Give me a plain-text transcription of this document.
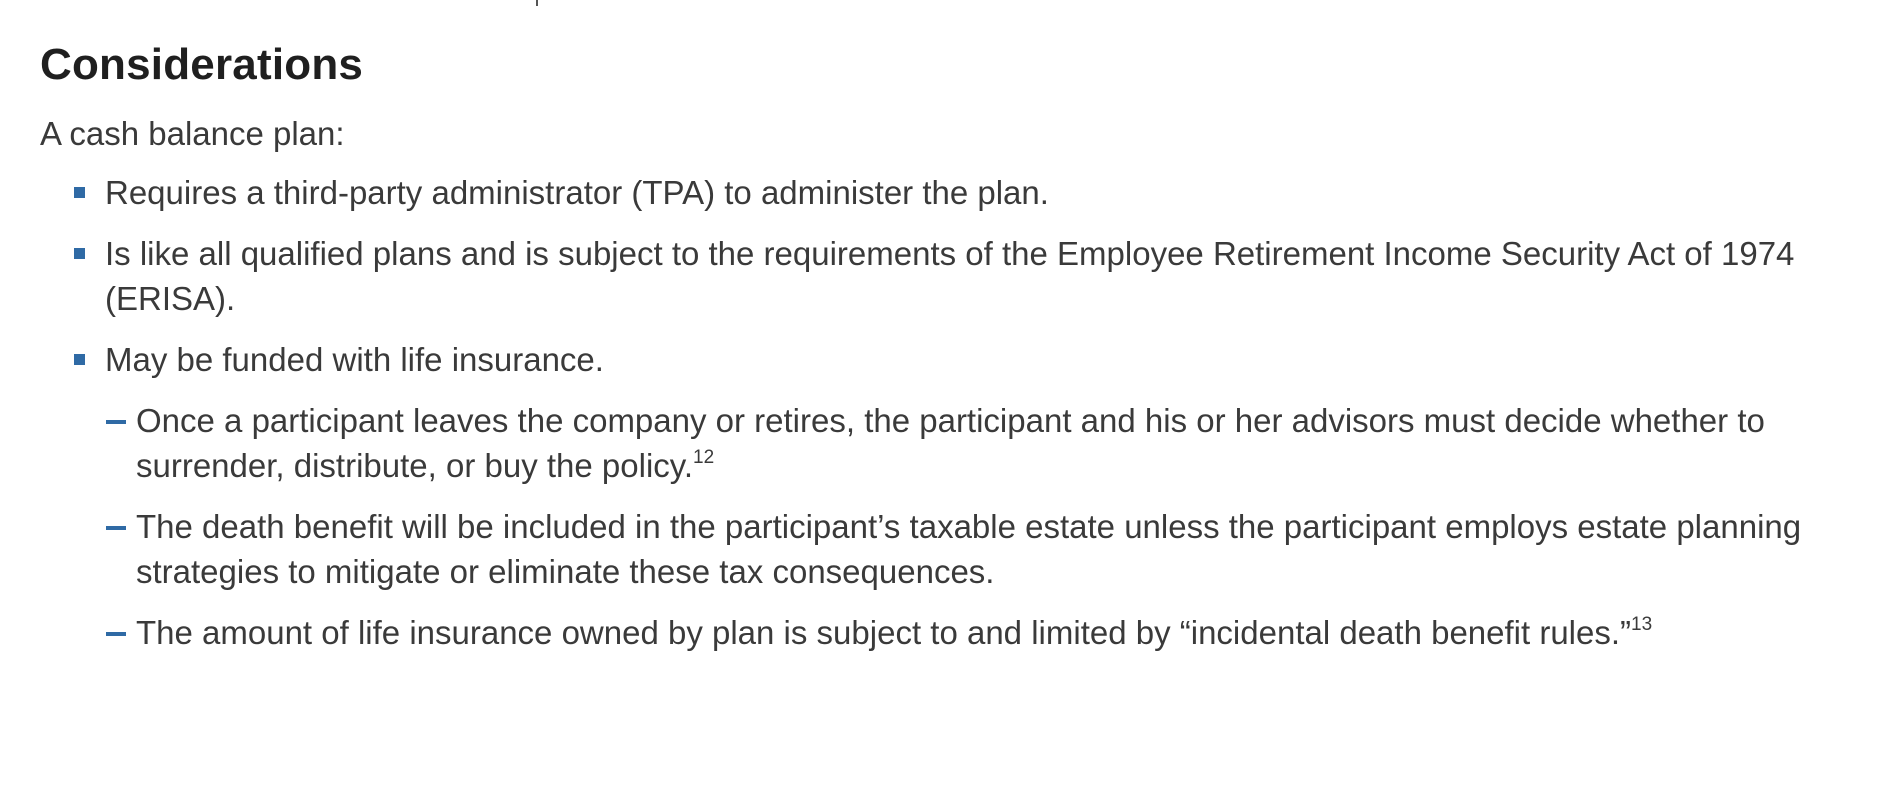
Considerations

A cash balance plan:

Requires a third-party administrator (TPA) to administer the plan.
Is like all qualified plans and is subject to the requirements of the Employee Retirement Income Security Act of 1974 (ERISA).
May be funded with life insurance.
Once a participant leaves the company or retires, the participant and his or her advisors must decide whether to surrender, distribute, or buy the policy.$^{12}$
The death benefit will be included in the participant’s taxable estate unless the participant employs estate planning strategies to mitigate or eliminate these tax consequences.
The amount of life insurance owned by plan is subject to and limited by “incidental death benefit rules.”$^{13}$
